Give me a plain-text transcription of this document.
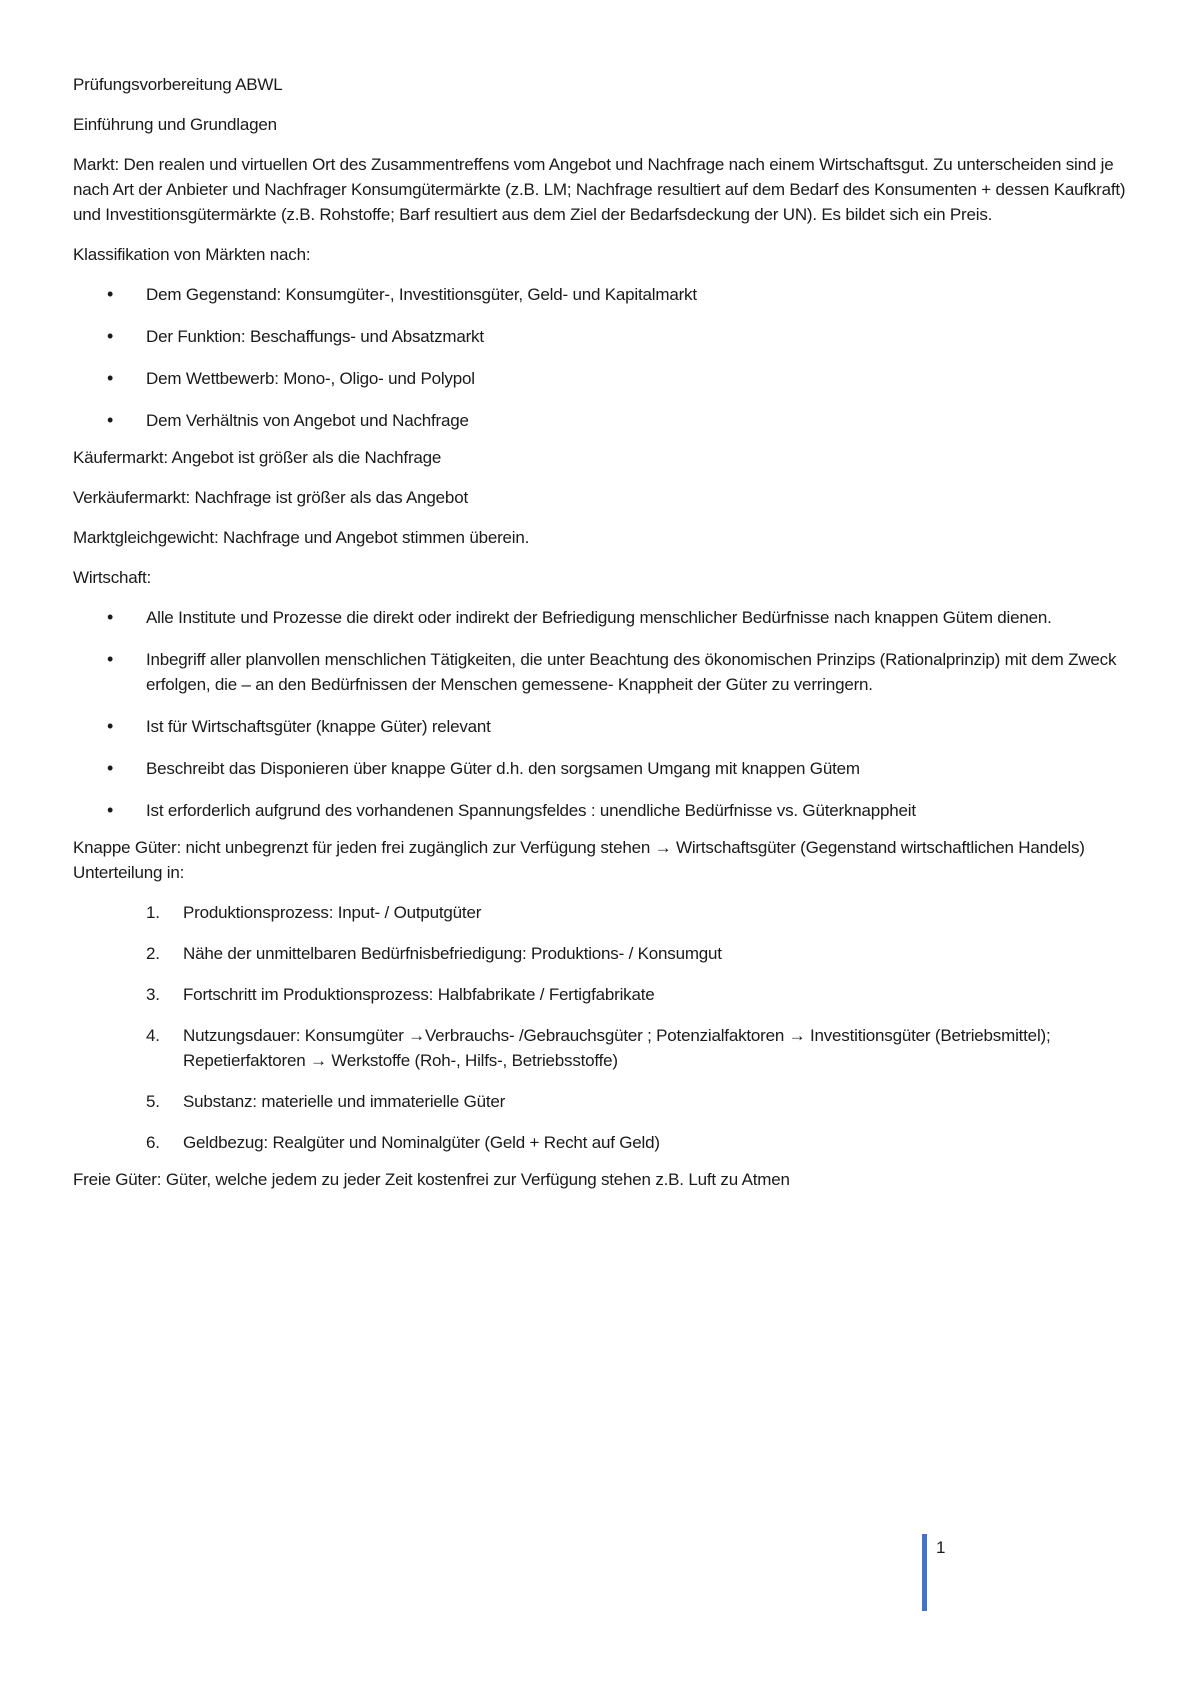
Prüfungsvorbereitung ABWL

Einführung und Grundlagen

Markt: Den realen und virtuellen Ort des Zusammentreffens vom Angebot und Nachfrage nach einem Wirtschaftsgut. Zu unterscheiden sind je nach Art der Anbieter und Nachfrager Konsumgütermärkte (z.B. LM; Nachfrage resultiert auf dem Bedarf des Konsumenten + dessen Kaufkraft) und Investitionsgütermärkte (z.B. Rohstoffe; Barf resultiert aus dem Ziel der Bedarfsdeckung der UN). Es bildet sich ein Preis.

Klassifikation von Märkten nach:

• Dem Gegenstand: Konsumgüter-, Investitionsgüter, Geld- und Kapitalmarkt
• Der Funktion: Beschaffungs- und Absatzmarkt
• Dem Wettbewerb: Mono-, Oligo- und Polypol
• Dem Verhältnis von Angebot und Nachfrage

Käufermarkt: Angebot ist größer als die Nachfrage

Verkäufermarkt: Nachfrage ist größer als das Angebot

Marktgleichgewicht: Nachfrage und Angebot stimmen überein.

Wirtschaft:

• Alle Institute und Prozesse die direkt oder indirekt der Befriedigung menschlicher Bedürfnisse nach knappen Gütem dienen.
• Inbegriff aller planvollen menschlichen Tätigkeiten, die unter Beachtung des ökonomischen Prinzips (Rationalprinzip) mit dem Zweck erfolgen, die – an den Bedürfnissen der Menschen gemessene- Knappheit der Güter zu verringern.
• Ist für Wirtschaftsgüter (knappe Güter) relevant
• Beschreibt das Disponieren über knappe Güter d.h. den sorgsamen Umgang mit knappen Gütem
• Ist erforderlich aufgrund des vorhandenen Spannungsfeldes : unendliche Bedürfnisse vs. Güterknappheit

Knappe Güter: nicht unbegrenzt für jeden frei zugänglich zur Verfügung stehen → Wirtschaftsgüter (Gegenstand wirtschaftlichen Handels)

Unterteilung in:

1. Produktionsprozess: Input- / Outputgüter
2. Nähe der unmittelbaren Bedürfnisbefriedigung: Produktions- / Konsumgut
3. Fortschritt im Produktionsprozess: Halbfabrikate / Fertigfabrikate
4. Nutzungsdauer: Konsumgüter →Verbrauchs- /Gebrauchsgüter ; Potenzialfaktoren → Investitionsgüter (Betriebsmittel); Repetierfaktoren → Werkstoffe (Roh-, Hilfs-, Betriebsstoffe)
5. Substanz: materielle und immaterielle Güter
6. Geldbezug: Realgüter und Nominalgüter (Geld + Recht auf Geld)

Freie Güter: Güter, welche jedem zu jeder Zeit kostenfrei zur Verfügung stehen z.B. Luft zu Atmen

1
